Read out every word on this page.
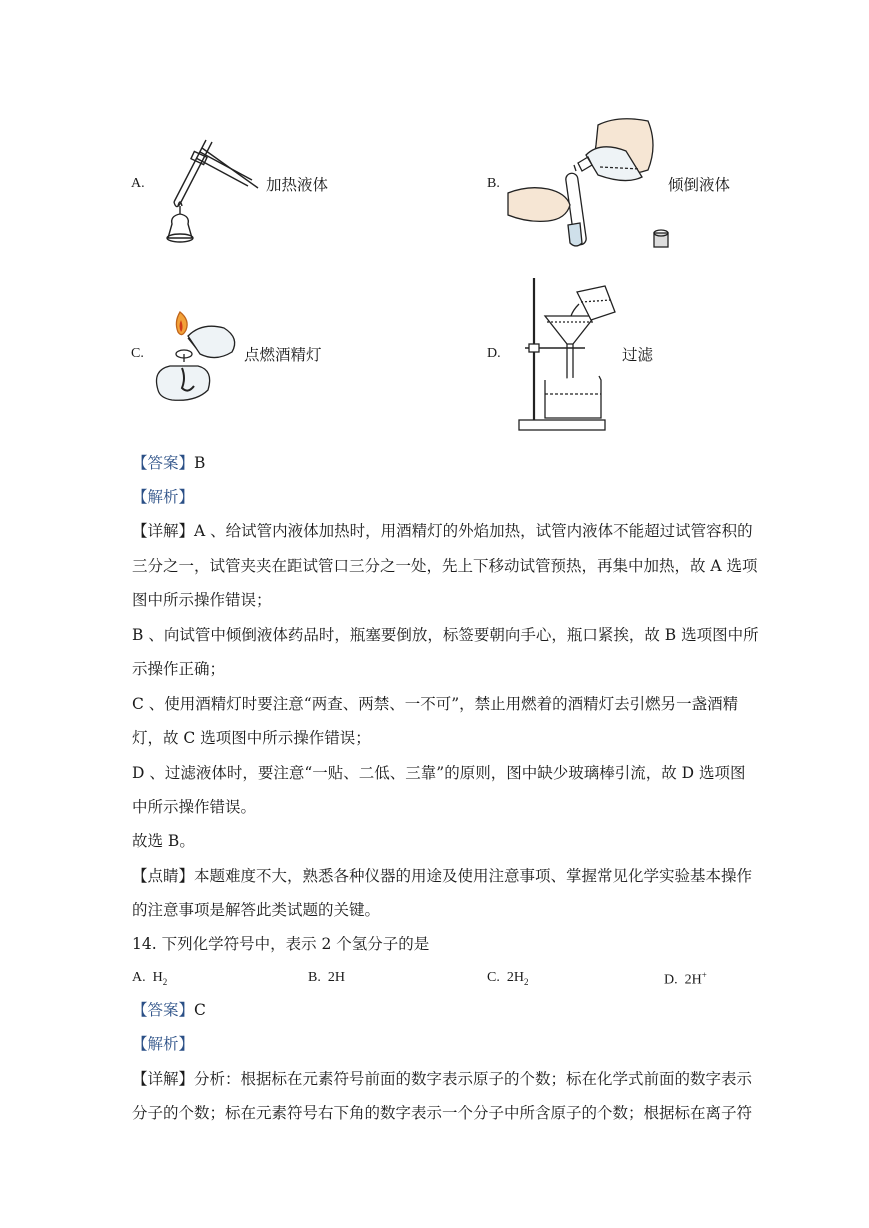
A.	加热液体	B.	倾倒液体
C.	点燃酒精灯	D.	过滤
【答案】B
【解析】
【详解】A 、给试管内液体加热时，用酒精灯的外焰加热，试管内液体不能超过试管容积的
三分之一，试管夹夹在距试管口三分之一处，先上下移动试管预热，再集中加热，故 A 选项
图中所示操作错误；
B 、向试管中倾倒液体药品时，瓶塞要倒放，标签要朝向手心，瓶口紧挨，故 B 选项图中所
示操作正确；
C 、使用酒精灯时要注意“两查、两禁、一不可”，禁止用燃着的酒精灯去引燃另一盏酒精
灯，故 C 选项图中所示操作错误；
D 、过滤液体时，要注意“一贴、二低、三靠”的原则，图中缺少玻璃棒引流，故 D 选项图
中所示操作错误。
故选 B。
【点睛】本题难度不大，熟悉各种仪器的用途及使用注意事项、掌握常见化学实验基本操作
的注意事项是解答此类试题的关键。
14. 下列化学符号中，表示 2 个氢分子的是
A. $H_2$	B. 2H	C. $2H_2$	D. 2H+
【答案】C
【解析】
【详解】分析：根据标在元素符号前面的数字表示原子的个数；标在化学式前面的数字表示
分子的个数；标在元素符号右下角的数字表示一个分子中所含原子的个数；根据标在离子符
